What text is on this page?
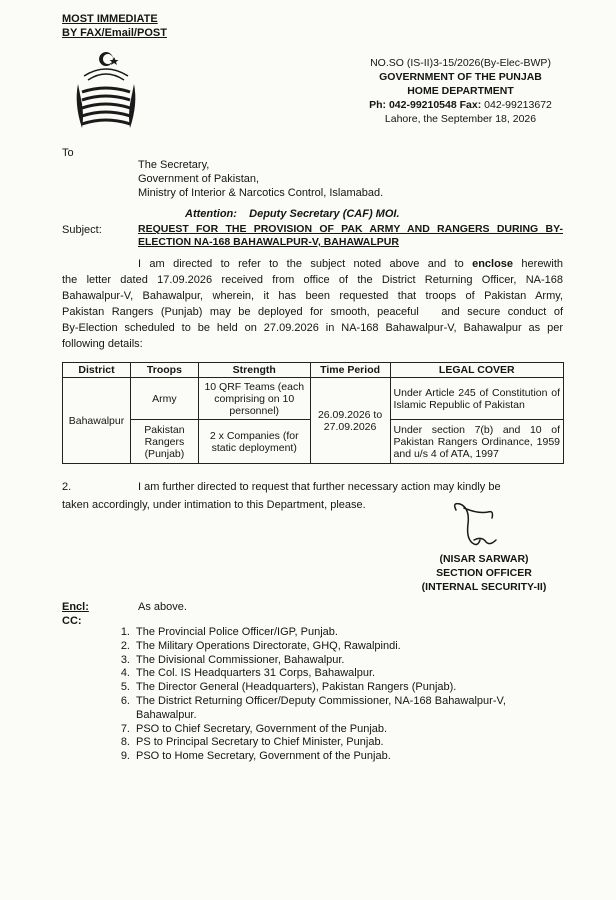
MOST IMMEDIATE
BY FAX/Email/POST
NO.SO (IS-II)3-15/2026(By-Elec-BWP)
GOVERNMENT OF THE PUNJAB
HOME DEPARTMENT
Ph: 042-99210548 Fax: 042-99213672
Lahore, the September 18, 2026
To
The Secretary,
Government of Pakistan,
Ministry of Interior & Narcotics Control, Islamabad.
Attention:    Deputy Secretary (CAF) MOI.
Subject:	REQUEST FOR THE PROVISION OF PAK ARMY AND RANGERS DURING BY-ELECTION NA-168 BAHAWALPUR-V, BAHAWALPUR
I am directed to refer to the subject noted above and to enclose herewith
the letter dated 17.09.2026 received from office of the District Returning Officer, NA-168
Bahawalpur-V, Bahawalpur, wherein, it has been requested that troops of Pakistan Army,
Pakistan Rangers (Punjab) may be deployed for smooth, peaceful   and secure conduct of
By-Election scheduled to be held on 27.09.2026 in NA-168 Bahawalpur-V, Bahawalpur as per
following details:
District	Troops	Strength	Time Period	LEGAL COVER
Bahawalpur	Army	10 QRF Teams (each comprising on 10 personnel)	26.09.2026 to 27.09.2026	Under Article 245 of Constitution of Islamic Republic of Pakistan
	Pakistan Rangers (Punjab)	2 x Companies (for static deployment)		Under section 7(b) and 10 of Pakistan Rangers Ordinance, 1959 and u/s 4 of ATA, 1997
2.	I am further directed to request that further necessary action may kindly be
taken accordingly, under intimation to this Department, please.
(NISAR SARWAR)
SECTION OFFICER
(INTERNAL SECURITY-II)
Encl:	As above.
CC:
1. The Provincial Police Officer/IGP, Punjab.
2. The Military Operations Directorate, GHQ, Rawalpindi.
3. The Divisional Commissioner, Bahawalpur.
4. The Col. IS Headquarters 31 Corps, Bahawalpur.
5. The Director General (Headquarters), Pakistan Rangers (Punjab).
6. The District Returning Officer/Deputy Commissioner, NA-168 Bahawalpur-V, Bahawalpur.
7. PSO to Chief Secretary, Government of the Punjab.
8. PS to Principal Secretary to Chief Minister, Punjab.
9. PSO to Home Secretary, Government of the Punjab.
